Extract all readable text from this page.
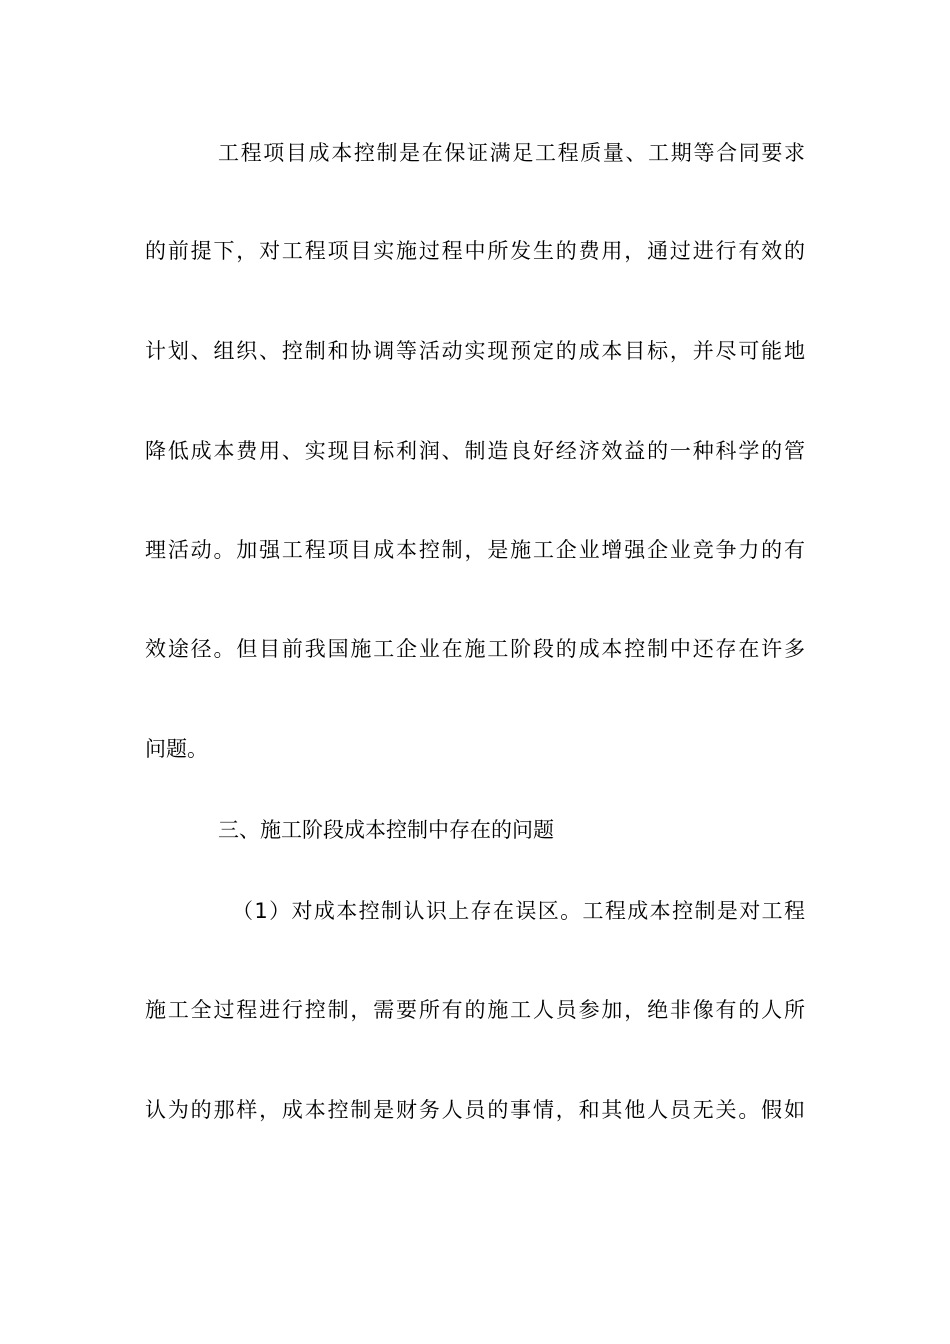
工程项目成本控制是在保证满足工程质量、工期等合同要求
的前提下，对工程项目实施过程中所发生的费用，通过进行有效的
计划、组织、控制和协调等活动实现预定的成本目标，并尽可能地
降低成本费用、实现目标利润、制造良好经济效益的一种科学的管
理活动。加强工程项目成本控制，是施工企业增强企业竞争力的有
效途径。但目前我国施工企业在施工阶段的成本控制中还存在许多
问题。
三、施工阶段成本控制中存在的问题
（1）对成本控制认识上存在误区。工程成本控制是对工程
施工全过程进行控制，需要所有的施工人员参加，绝非像有的人所
认为的那样，成本控制是财务人员的事情，和其他人员无关。假如
